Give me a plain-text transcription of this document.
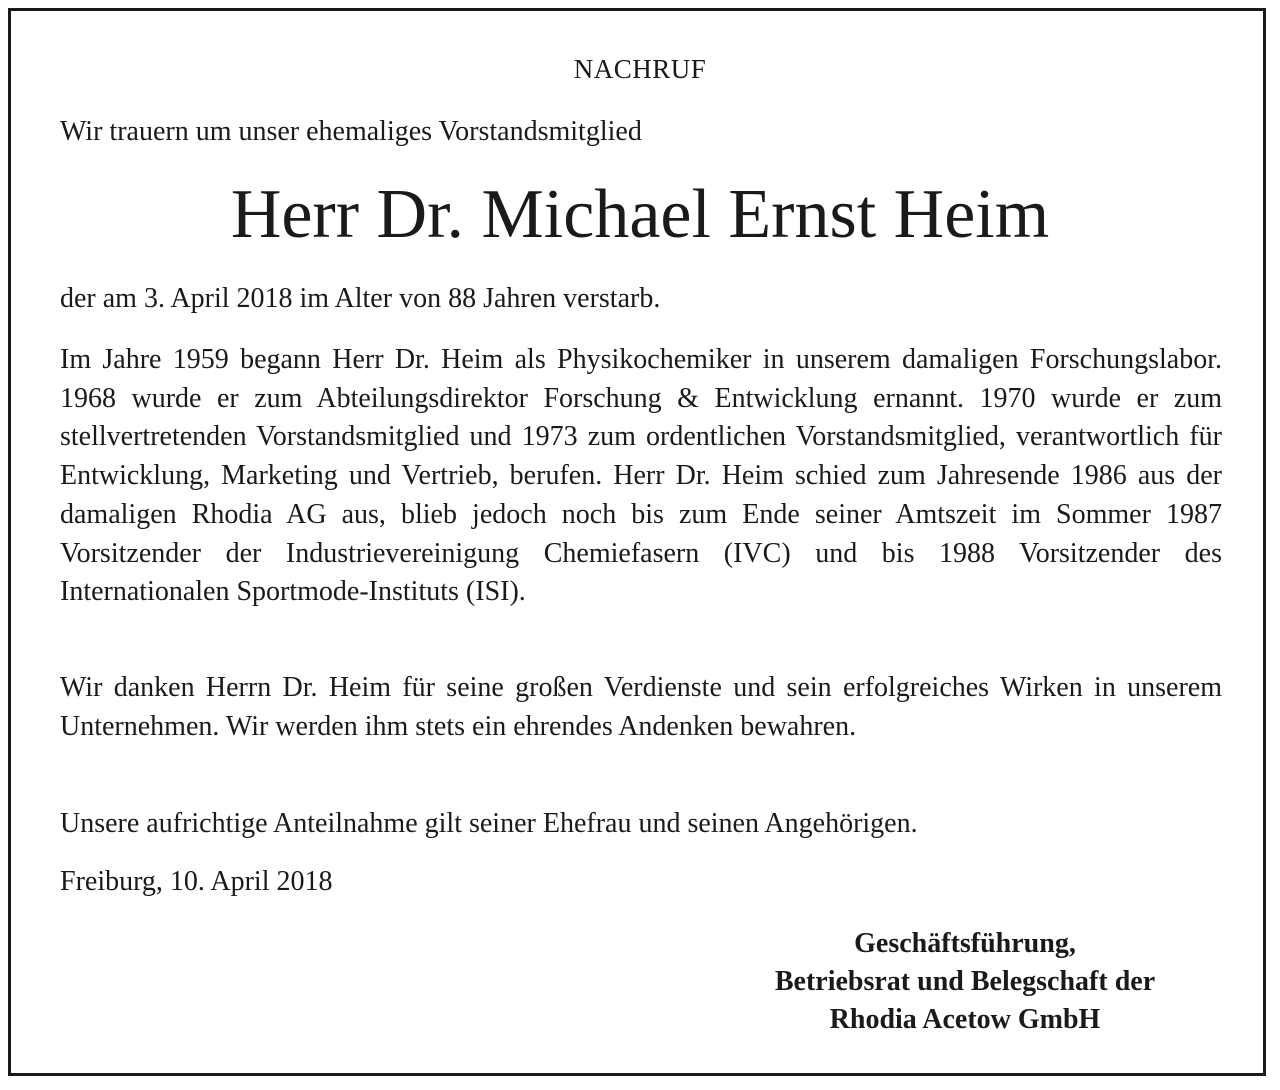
NACHRUF
Wir trauern um unser ehemaliges Vorstandsmitglied
Herr Dr. Michael Ernst Heim

der am 3. April 2018 im Alter von 88 Jahren verstarb.

Im Jahre 1959 begann Herr Dr. Heim als Physikochemiker in unserem damaligen Forschungslabor. 1968 wurde er zum Abteilungsdirektor Forschung & Entwicklung ernannt. 1970 wurde er zum stellvertretenden Vorstandsmitglied und 1973 zum ordentlichen Vorstandsmitglied, verantwortlich für Entwicklung, Marketing und Vertrieb, berufen. Herr Dr. Heim schied zum Jahresende 1986 aus der damaligen Rhodia AG aus, blieb jedoch noch bis zum Ende seiner Amtszeit im Sommer 1987 Vorsitzender der Industrievereinigung Chemiefasern (IVC) und bis 1988 Vorsitzender des Internationalen Sportmode-Instituts (ISI).

Wir danken Herrn Dr. Heim für seine großen Verdienste und sein erfolgreiches Wirken in unserem Unternehmen. Wir werden ihm stets ein ehrendes Andenken bewahren.

Unsere aufrichtige Anteilnahme gilt seiner Ehefrau und seinen Angehörigen.

Freiburg, 10. April 2018

Geschäftsführung,
Betriebsrat und Belegschaft der
Rhodia Acetow GmbH
